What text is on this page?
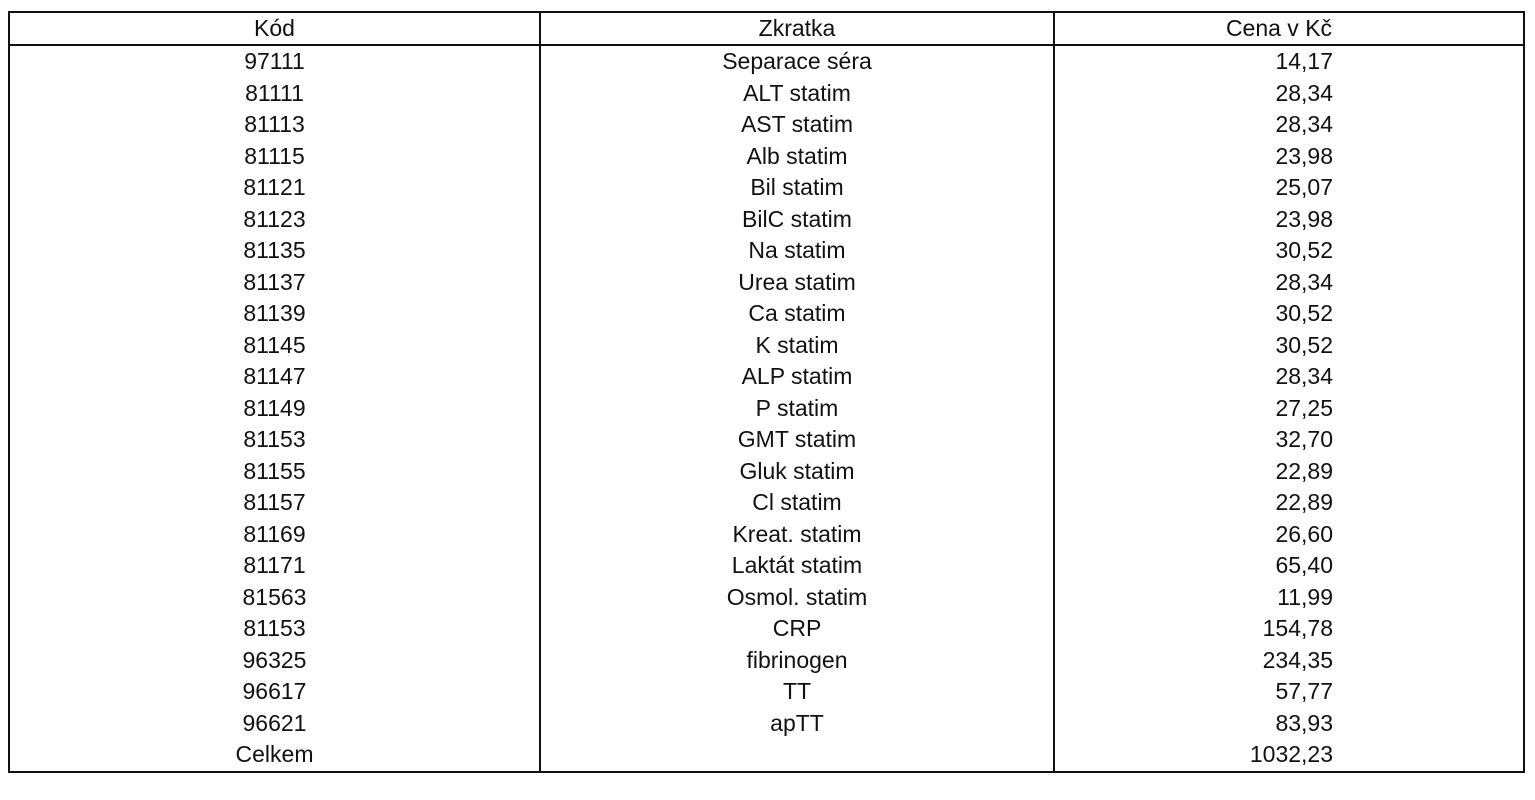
Kód	Zkratka	Cena v Kč
97111	Separace séra	14,17
81111	ALT statim	28,34
81113	AST statim	28,34
81115	Alb statim	23,98
81121	Bil statim	25,07
81123	BilC statim	23,98
81135	Na statim	30,52
81137	Urea statim	28,34
81139	Ca statim	30,52
81145	K statim	30,52
81147	ALP statim	28,34
81149	P statim	27,25
81153	GMT statim	32,70
81155	Gluk statim	22,89
81157	Cl statim	22,89
81169	Kreat. statim	26,60
81171	Laktát statim	65,40
81563	Osmol. statim	11,99
81153	CRP	154,78
96325	fibrinogen	234,35
96617	TT	57,77
96621	apTT	83,93
Celkem		1032,23
